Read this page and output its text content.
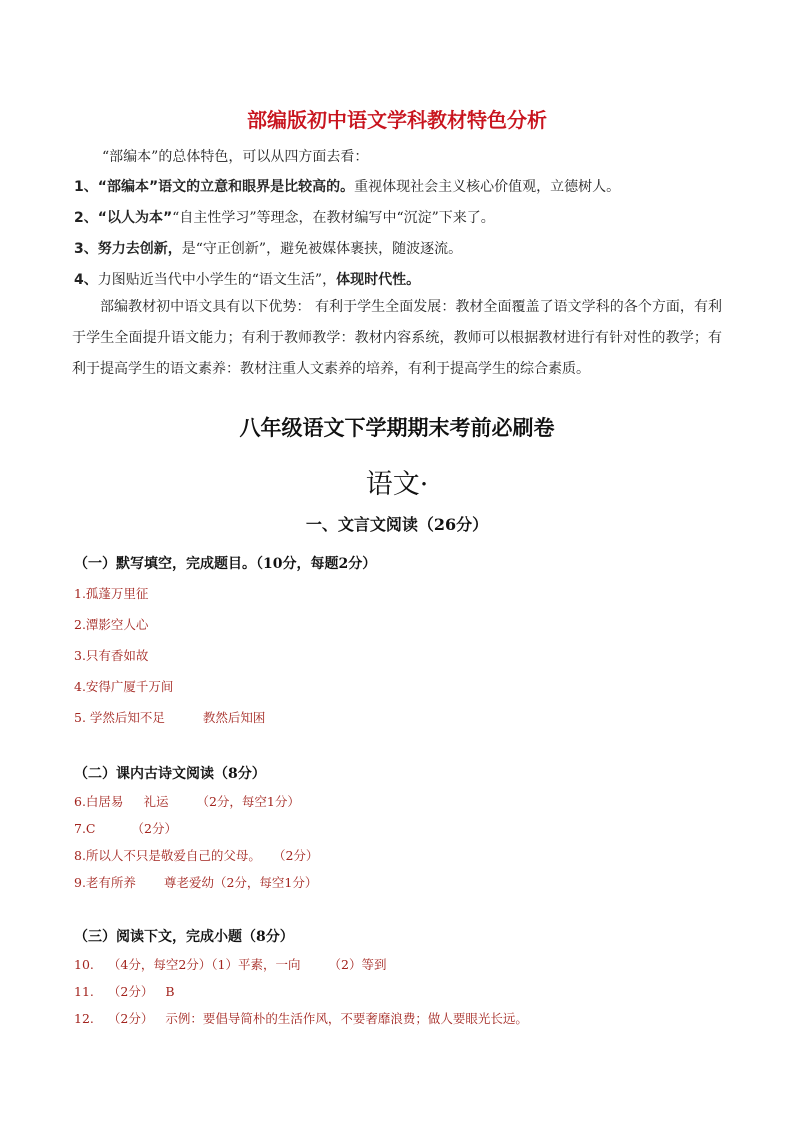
部编版初中语文学科教材特色分析
“部编本”的总体特色，可以从四方面去看：
1、“部编本”语文的立意和眼界是比较高的。重视体现社会主义核心价值观，立德树人。
2、“以人为本”“自主性学习”等理念，在教材编写中“沉淀”下来了。
3、努力去创新，是“守正创新”，避免被媒体裹挟，随波逐流。
4、力图贴近当代中小学生的“语文生活”，体现时代性。
部编教材初中语文具有以下优势： 有利于学生全面发展：教材全面覆盖了语文学科的各个方面，有利于学生全面提升语文能力；有利于教师教学：教材内容系统，教师可以根据教材进行有针对性的教学；有利于提高学生的语文素养：教材注重人文素养的培养，有利于提高学生的综合素质。
八年级语文下学期期末考前必刷卷
语文·
一、文言文阅读（26分）
（一）默写填空，完成题目。（10分，每题2分）
1.孤蓬万里征
2.潭影空人心
3.只有香如故
4.安得广厦千万间
5. 学然后知不足	教然后知困
（二）课内古诗文阅读（8分）
6.白居易 礼运 （2分，每空1分）
7.C	（2分）
8.所以人不只是敬爱自己的父母。 （2分）
9.老有所养 尊老爱幼（2分，每空1分）
（三）阅读下文，完成小题（8分）
10. （4分，每空2分）（1）平素，一向 （2）等到
11. （2分） B
12. （2分） 示例：要倡导简朴的生活作风，不要奢靡浪费；做人要眼光长远。
